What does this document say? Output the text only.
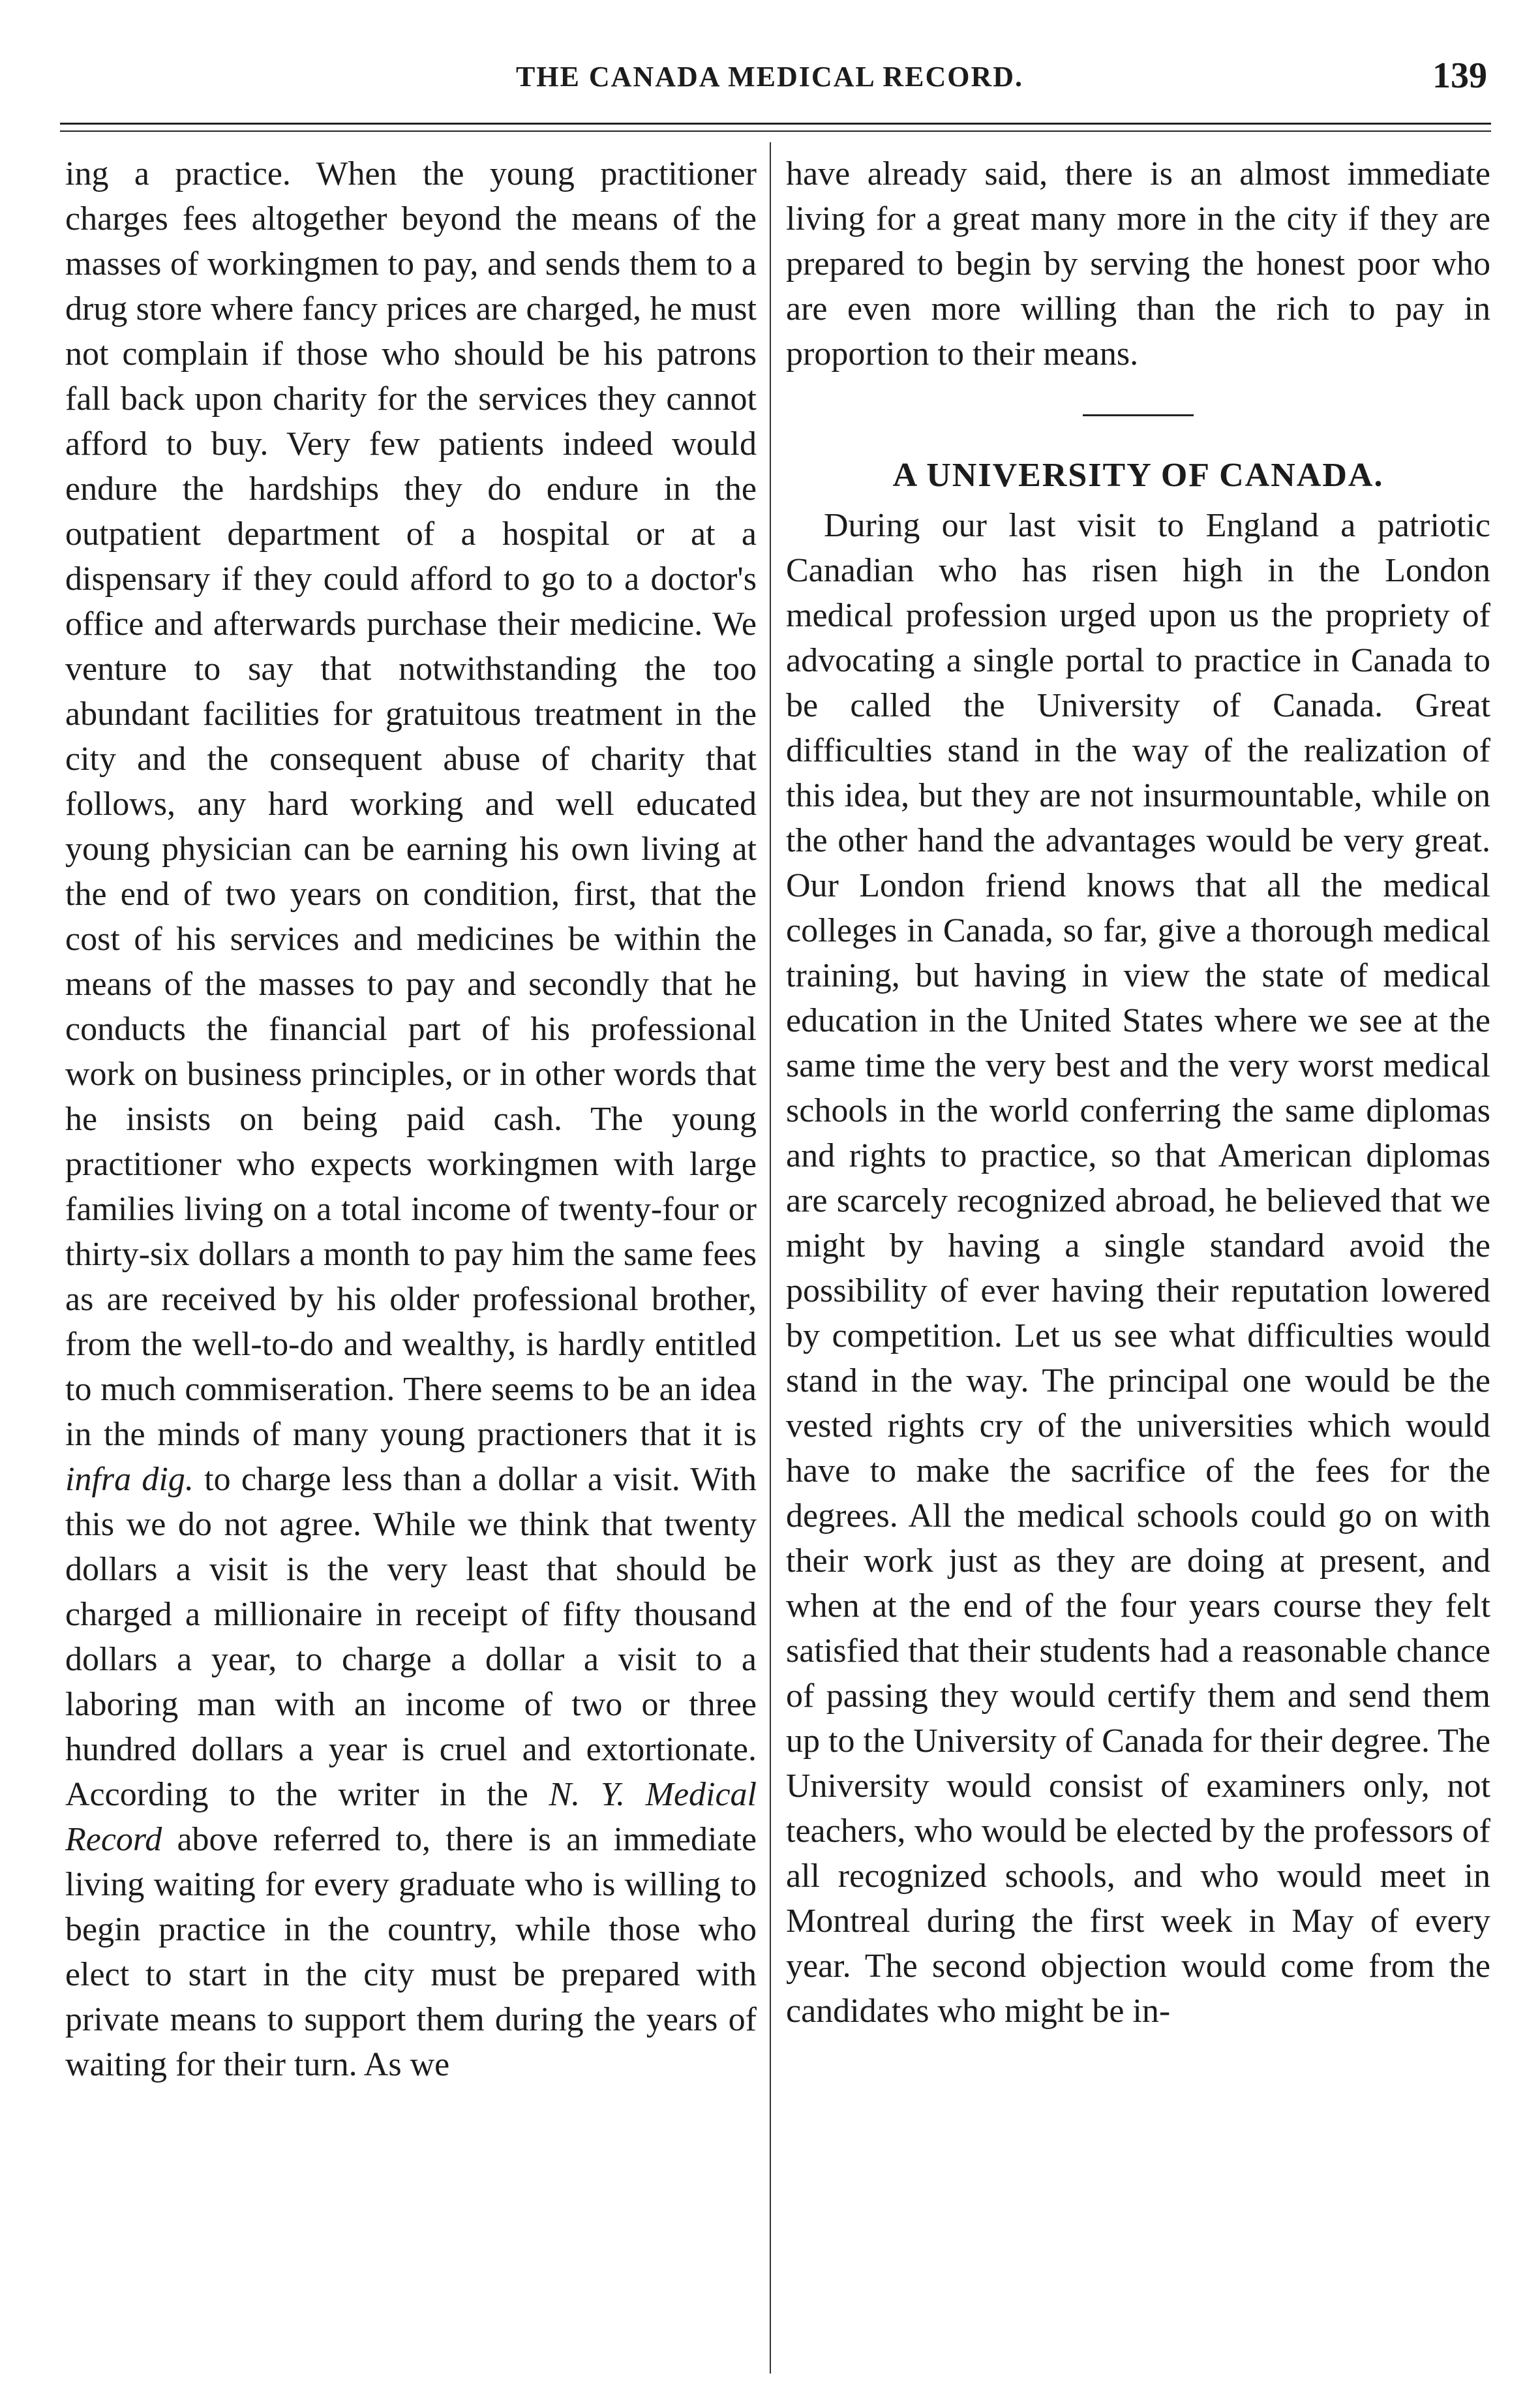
THE CANADA MEDICAL RECORD.	139

ing a practice. When the young practitioner charges fees altogether beyond the means of the masses of workingmen to pay, and sends them to a drug store where fancy prices are charged, he must not complain if those who should be his patrons fall back upon charity for the services they cannot afford to buy. Very few patients indeed would endure the hardships they do endure in the outpatient department of a hospital or at a dispensary if they could afford to go to a doctor's office and afterwards purchase their medicine. We venture to say that notwithstanding the too abundant facilities for gratuitous treatment in the city and the consequent abuse of charity that follows, any hard working and well educated young physician can be earning his own living at the end of two years on condition, first, that the cost of his services and medicines be within the means of the masses to pay and secondly that he conducts the financial part of his professional work on business principles, or in other words that he insists on being paid cash. The young practitioner who expects workingmen with large families living on a total income of twenty-four or thirty-six dollars a month to pay him the same fees as are received by his older professional brother, from the well-to-do and wealthy, is hardly entitled to much commiseration. There seems to be an idea in the minds of many young practioners that it is infra dig. to charge less than a dollar a visit. With this we do not agree. While we think that twenty dollars a visit is the very least that should be charged a millionaire in receipt of fifty thousand dollars a year, to charge a dollar a visit to a laboring man with an income of two or three hundred dollars a year is cruel and extortionate. According to the writer in the N. Y. Medical Record above referred to, there is an immediate living waiting for every graduate who is willing to begin practice in the country, while those who elect to start in the city must be prepared with private means to support them during the years of waiting for their turn. As we

have already said, there is an almost immediate living for a great many more in the city if they are prepared to begin by serving the honest poor who are even more willing than the rich to pay in proportion to their means.

A UNIVERSITY OF CANADA.

During our last visit to England a patriotic Canadian who has risen high in the London medical profession urged upon us the propriety of advocating a single portal to practice in Canada to be called the University of Canada. Great difficulties stand in the way of the realization of this idea, but they are not insurmountable, while on the other hand the advantages would be very great. Our London friend knows that all the medical colleges in Canada, so far, give a thorough medical training, but having in view the state of medical education in the United States where we see at the same time the very best and the very worst medical schools in the world conferring the same diplomas and rights to practice, so that American diplomas are scarcely recognized abroad, he believed that we might by having a single standard avoid the possibility of ever having their reputation lowered by competition. Let us see what difficulties would stand in the way. The principal one would be the vested rights cry of the universities which would have to make the sacrifice of the fees for the degrees. All the medical schools could go on with their work just as they are doing at present, and when at the end of the four years course they felt satisfied that their students had a reasonable chance of passing they would certify them and send them up to the University of Canada for their degree. The University would consist of examiners only, not teachers, who would be elected by the professors of all recognized schools, and who would meet in Montreal during the first week in May of every year. The second objection would come from the candidates who might be in-
